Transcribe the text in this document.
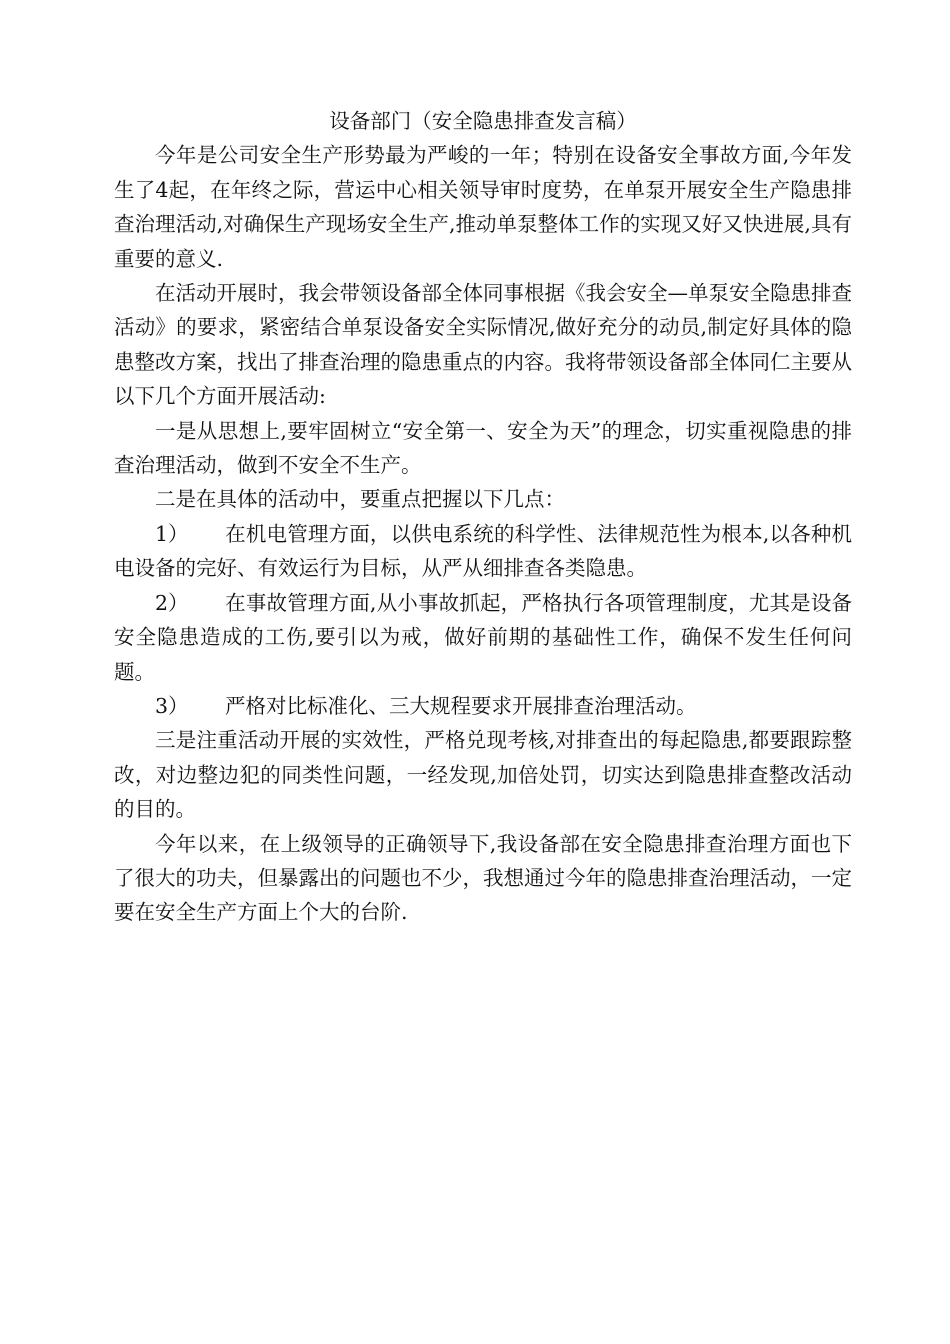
设备部门（安全隐患排查发言稿）

今年是公司安全生产形势最为严峻的一年；特别在设备安全事故方面,今年发生了4起，在年终之际，营运中心相关领导审时度势，在单泵开展安全生产隐患排查治理活动,对确保生产现场安全生产,推动单泵整体工作的实现又好又快进展,具有重要的意义.

在活动开展时，我会带领设备部全体同事根据《我会安全—单泵安全隐患排查活动》的要求，紧密结合单泵设备安全实际情况,做好充分的动员,制定好具体的隐患整改方案，找出了排查治理的隐患重点的内容。我将带领设备部全体同仁主要从以下几个方面开展活动:

一是从思想上,要牢固树立“安全第一、安全为天”的理念，切实重视隐患的排查治理活动，做到不安全不生产。

二是在具体的活动中，要重点把握以下几点：

1） 在机电管理方面，以供电系统的科学性、法律规范性为根本,以各种机电设备的完好、有效运行为目标，从严从细排查各类隐患。

2） 在事故管理方面,从小事故抓起，严格执行各项管理制度，尤其是设备安全隐患造成的工伤,要引以为戒，做好前期的基础性工作，确保不发生任何问题。

3） 严格对比标准化、三大规程要求开展排查治理活动。

三是注重活动开展的实效性，严格兑现考核,对排查出的每起隐患,都要跟踪整改，对边整边犯的同类性问题，一经发现,加倍处罚，切实达到隐患排查整改活动的目的。

今年以来，在上级领导的正确领导下,我设备部在安全隐患排查治理方面也下了很大的功夫，但暴露出的问题也不少，我想通过今年的隐患排查治理活动，一定要在安全生产方面上个大的台阶.
